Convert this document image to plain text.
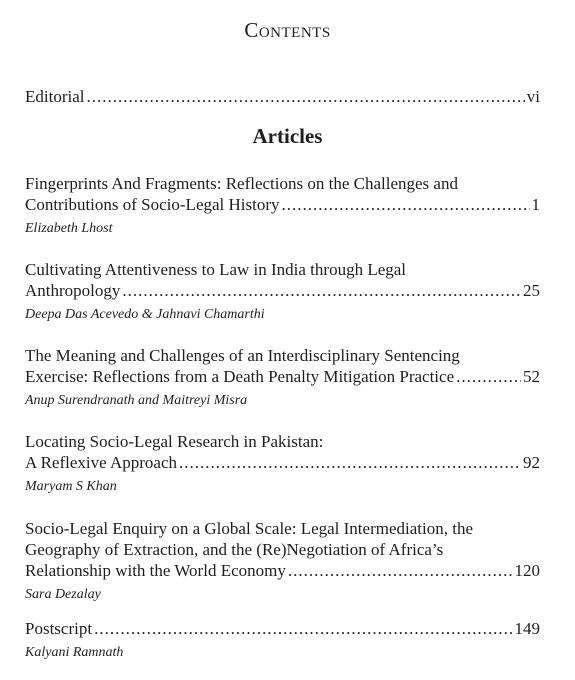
Contents
Editorial .....	vi
Articles
Fingerprints And Fragments: Reflections on the Challenges and
Contributions of Socio-Legal History .....	1
Elizabeth Lhost
Cultivating Attentiveness to Law in India through Legal
Anthropology .....	25
Deepa Das Acevedo & Jahnavi Chamarthi
The Meaning and Challenges of an Interdisciplinary Sentencing
Exercise: Reflections from a Death Penalty Mitigation Practice .....	52
Anup Surendranath and Maitreyi Misra
Locating Socio-Legal Research in Pakistan:
A Reflexive Approach .....	92
Maryam S Khan
Socio-Legal Enquiry on a Global Scale: Legal Intermediation, the
Geography of Extraction, and the (Re)Negotiation of Africa’s
Relationship with the World Economy .....	120
Sara Dezalay
Postscript .....	149
Kalyani Ramnath
